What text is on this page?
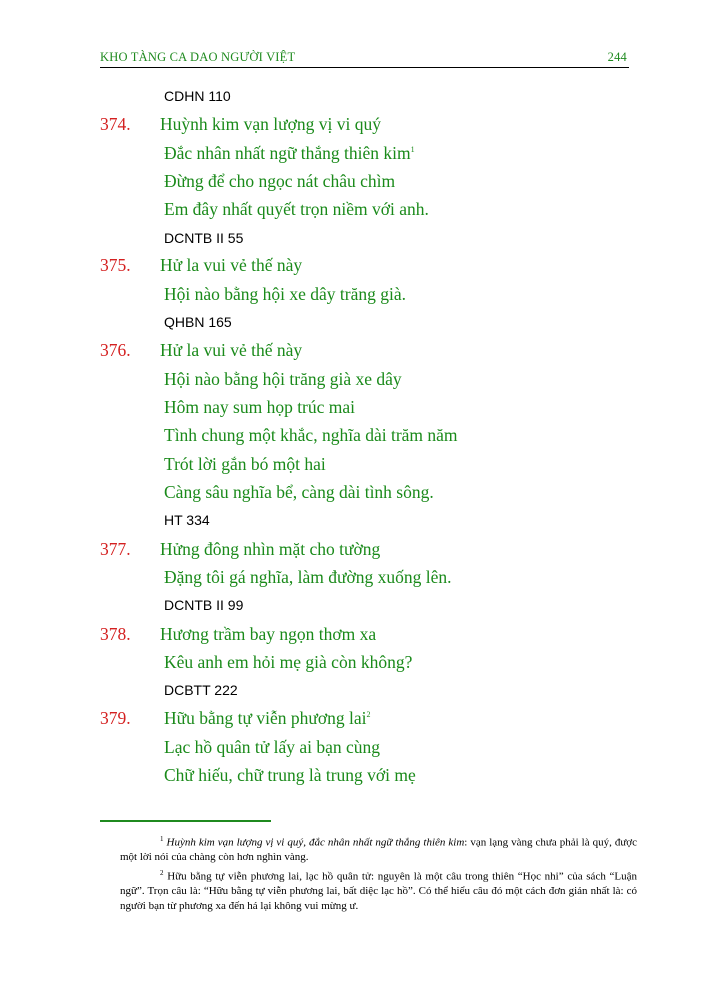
KHO TÀNG CA DAO NGƯỜI VIỆT	244
CDHN 110
374. Huỳnh kim vạn lượng vị vi quý
Đắc nhân nhất ngữ thắng thiên kim$^1$
Đừng để cho ngọc nát châu chìm
Em đây nhất quyết trọn niềm với anh.
DCNTB II 55
375. Hử la vui vẻ thế này
Hội nào bằng hội xe dây trăng già.
QHBN 165
376. Hử la vui vẻ thế này
Hội nào bằng hội trăng già xe dây
Hôm nay sum họp trúc mai
Tình chung một khắc, nghĩa dài trăm năm
Trót lời gắn bó một hai
Càng sâu nghĩa bể, càng dài tình sông.
HT 334
377. Hửng đông nhìn mặt cho tường
Đặng tôi gá nghĩa, làm đường xuống lên.
DCNTB II 99
378. Hương trầm bay ngọn thơm xa
Kêu anh em hỏi mẹ già còn không?
DCBTT 222
379. Hữu bằng tự viễn phương lai$^2$
Lạc hồ quân tử lấy ai bạn cùng
Chữ hiếu, chữ trung là trung với mẹ

$^1$ Huỳnh kim vạn lượng vị vi quý, đắc nhân nhất ngữ thắng thiên kim: vạn lạng vàng chưa phải là quý, được một lời nói của chàng còn hơn nghìn vàng.

$^2$ Hữu bằng tự viễn phương lai, lạc hồ quân tử: nguyên là một câu trong thiên “Học nhi” của sách “Luận ngữ”. Trọn câu là: “Hữu bằng tự viễn phương lai, bất diệc lạc hồ”. Có thể hiểu câu đó một cách đơn giản nhất là: có người bạn từ phương xa đến há lại không vui mừng ư.
